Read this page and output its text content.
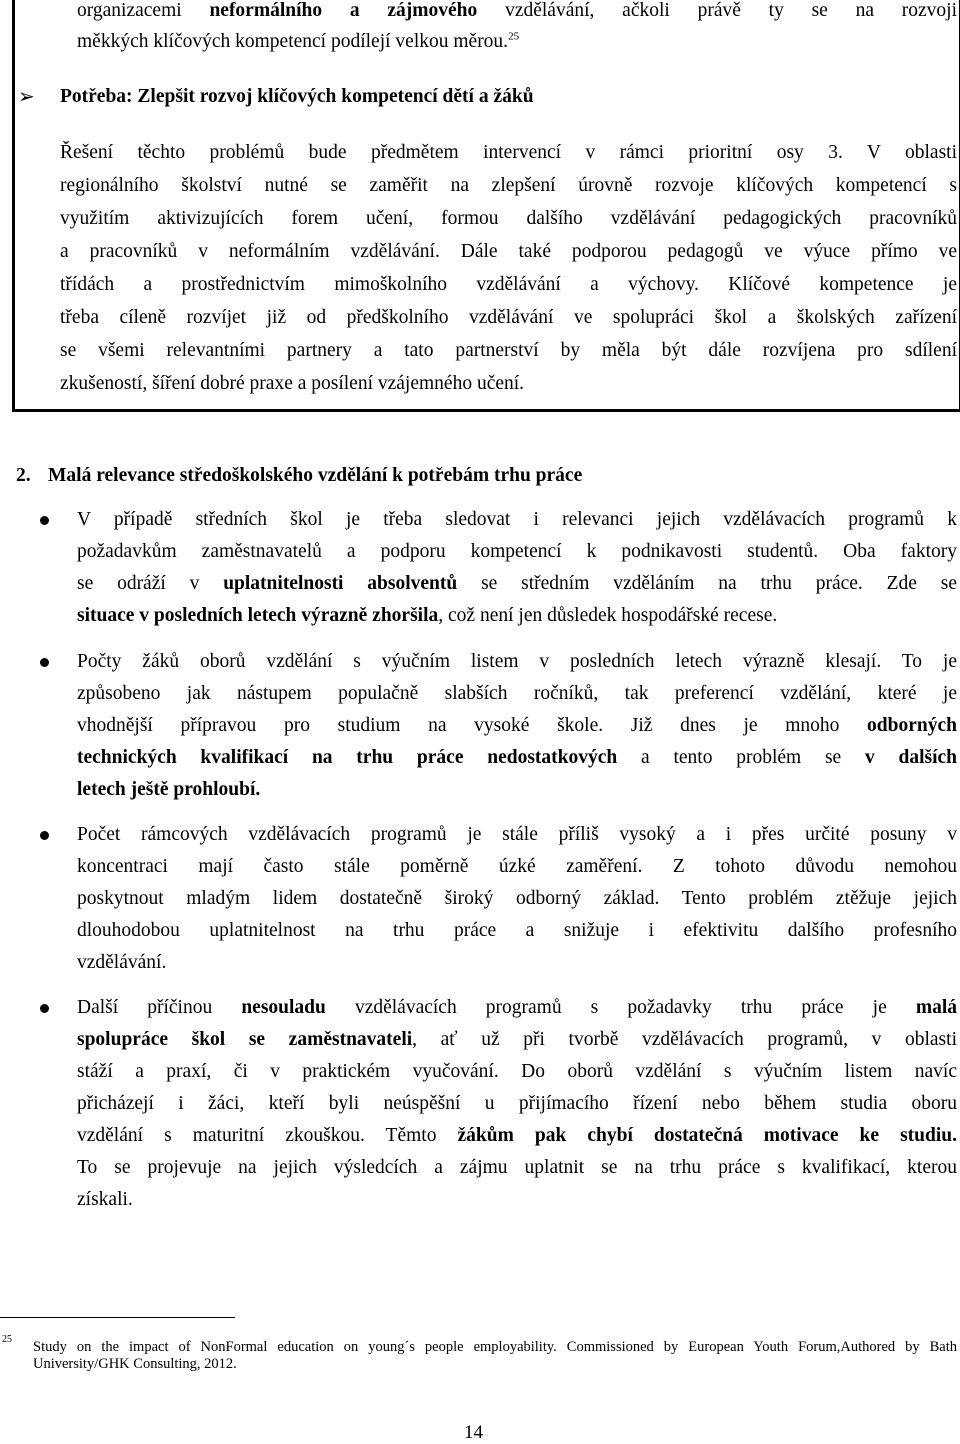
organizacemi neformálního a zájmového vzdělávání, ačkoli právě ty se na rozvoji
měkkých klíčových kompetencí podílejí velkou měrou.$^{25}$
➢ Potřeba: Zlepšit rozvoj klíčových kompetencí dětí a žáků
Řešení těchto problémů bude předmětem intervencí v rámci prioritní osy 3. V oblasti
regionálního školství nutné se zaměřit na zlepšení úrovně rozvoje klíčových kompetencí s
využitím aktivizujících forem učení, formou dalšího vzdělávání pedagogických pracovníků
a pracovníků v neformálním vzdělávání. Dále také podporou pedagogů ve výuce přímo ve
třídách a prostřednictvím mimoškolního vzdělávání a výchovy. Klíčové kompetence je
třeba cíleně rozvíjet již od předškolního vzdělávání ve spolupráci škol a školských zařízení
se všemi relevantními partnery a tato partnerství by měla být dále rozvíjena pro sdílení
zkušeností, šíření dobré praxe a posílení vzájemného učení.
2. Malá relevance středoškolského vzdělání k potřebám trhu práce
V případě středních škol je třeba sledovat i relevanci jejich vzdělávacích programů k
požadavkům zaměstnavatelů a podporu kompetencí k podnikavosti studentů. Oba faktory
se odráží v uplatnitelnosti absolventů se středním vzděláním na trhu práce. Zde se
situace v posledních letech výrazně zhoršila, což není jen důsledek hospodářské recese.
Počty žáků oborů vzdělání s výučním listem v posledních letech výrazně klesají. To je
způsobeno jak nástupem populačně slabších ročníků, tak preferencí vzdělání, které je
vhodnější přípravou pro studium na vysoké škole. Již dnes je mnoho odborných
technických kvalifikací na trhu práce nedostatkových a tento problém se v dalších
letech ještě prohloubí.
Počet rámcových vzdělávacích programů je stále příliš vysoký a i přes určité posuny v
koncentraci mají často stále poměrně úzké zaměření. Z tohoto důvodu nemohou
poskytnout mladým lidem dostatečně široký odborný základ. Tento problém ztěžuje jejich
dlouhodobou uplatnitelnost na trhu práce a snižuje i efektivitu dalšího profesního
vzdělávání.
Další příčinou nesouladu vzdělávacích programů s požadavky trhu práce je malá
spolupráce škol se zaměstnavateli, ať už při tvorbě vzdělávacích programů, v oblasti
stáží a praxí, či v praktickém vyučování. Do oborů vzdělání s výučním listem navíc
přicházejí i žáci, kteří byli neúspěšní u přijímacího řízení nebo během studia oboru
vzdělání s maturitní zkouškou. Těmto žákům pak chybí dostatečná motivace ke studiu.
To se projevuje na jejich výsledcích a zájmu uplatnit se na trhu práce s kvalifikací, kterou
získali.
25 Study on the impact of NonFormal education on young´s people employability. Commissioned by European Youth Forum,Authored by Bath
University/GHK Consulting, 2012.
14
